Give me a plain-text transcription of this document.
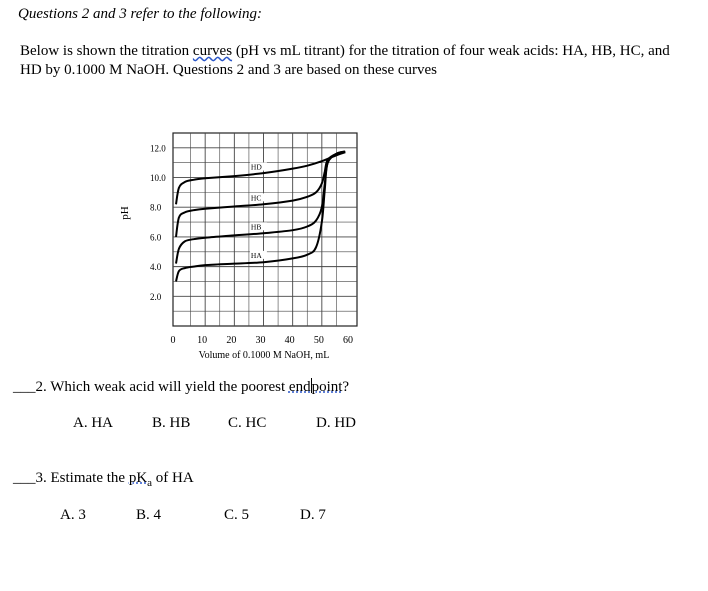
Questions 2 and 3 refer to the following:
Below is shown the titration curves (pH vs mL titrant) for the titration of four weak acids: HA, HB, HC, and HD by 0.1000 M NaOH. Questions 2 and 3 are based on these curves
2.0
4.0
6.0
8.0
10.0
12.0
0 10 20 30 40 50 60
HD
HC
HB
HA
pH
Volume of 0.1000 M NaOH, mL
___2. Which weak acid will yield the poorest endpoint?
A. HA	B. HB	C. HC	D. HD
___3. Estimate the $pK_a$ of HA
A. 3	B. 4	C. 5	D. 7
